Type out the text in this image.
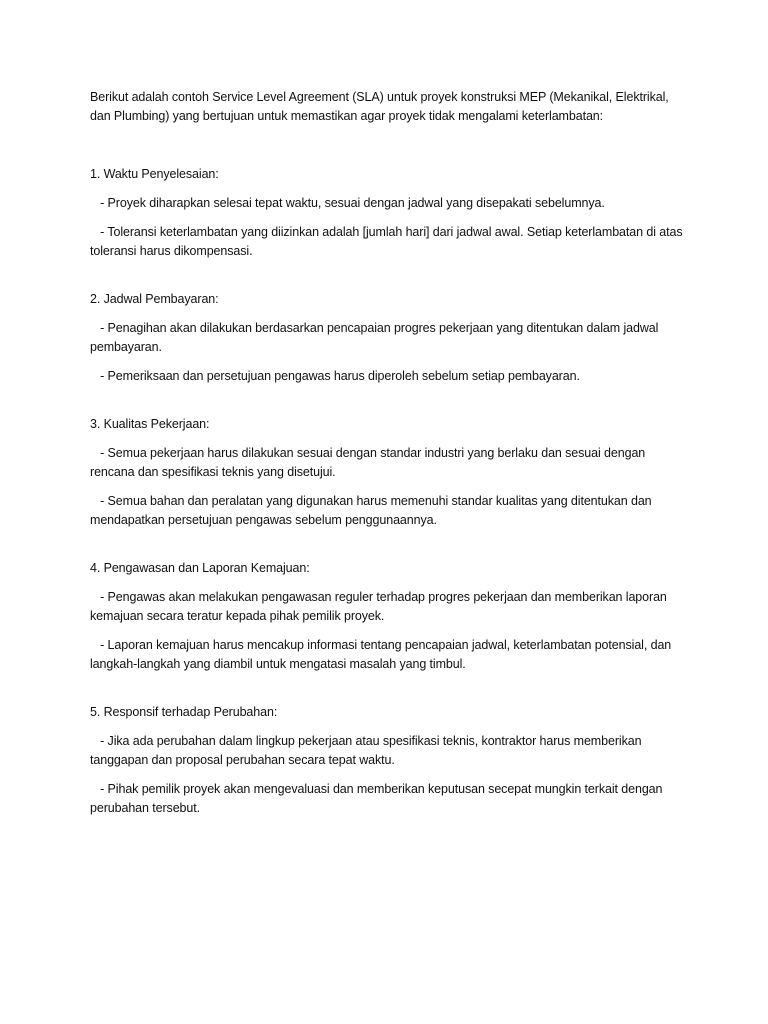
Berikut adalah contoh Service Level Agreement (SLA) untuk proyek konstruksi MEP (Mekanikal, Elektrikal, dan Plumbing) yang bertujuan untuk memastikan agar proyek tidak mengalami keterlambatan:

1. Waktu Penyelesaian:

- Proyek diharapkan selesai tepat waktu, sesuai dengan jadwal yang disepakati sebelumnya.

- Toleransi keterlambatan yang diizinkan adalah [jumlah hari] dari jadwal awal. Setiap keterlambatan di atas toleransi harus dikompensasi.

2. Jadwal Pembayaran:

- Penagihan akan dilakukan berdasarkan pencapaian progres pekerjaan yang ditentukan dalam jadwal pembayaran.

- Pemeriksaan dan persetujuan pengawas harus diperoleh sebelum setiap pembayaran.

3. Kualitas Pekerjaan:

- Semua pekerjaan harus dilakukan sesuai dengan standar industri yang berlaku dan sesuai dengan rencana dan spesifikasi teknis yang disetujui.

- Semua bahan dan peralatan yang digunakan harus memenuhi standar kualitas yang ditentukan dan mendapatkan persetujuan pengawas sebelum penggunaannya.

4. Pengawasan dan Laporan Kemajuan:

- Pengawas akan melakukan pengawasan reguler terhadap progres pekerjaan dan memberikan laporan kemajuan secara teratur kepada pihak pemilik proyek.

- Laporan kemajuan harus mencakup informasi tentang pencapaian jadwal, keterlambatan potensial, dan langkah-langkah yang diambil untuk mengatasi masalah yang timbul.

5. Responsif terhadap Perubahan:

- Jika ada perubahan dalam lingkup pekerjaan atau spesifikasi teknis, kontraktor harus memberikan tanggapan dan proposal perubahan secara tepat waktu.

- Pihak pemilik proyek akan mengevaluasi dan memberikan keputusan secepat mungkin terkait dengan perubahan tersebut.
